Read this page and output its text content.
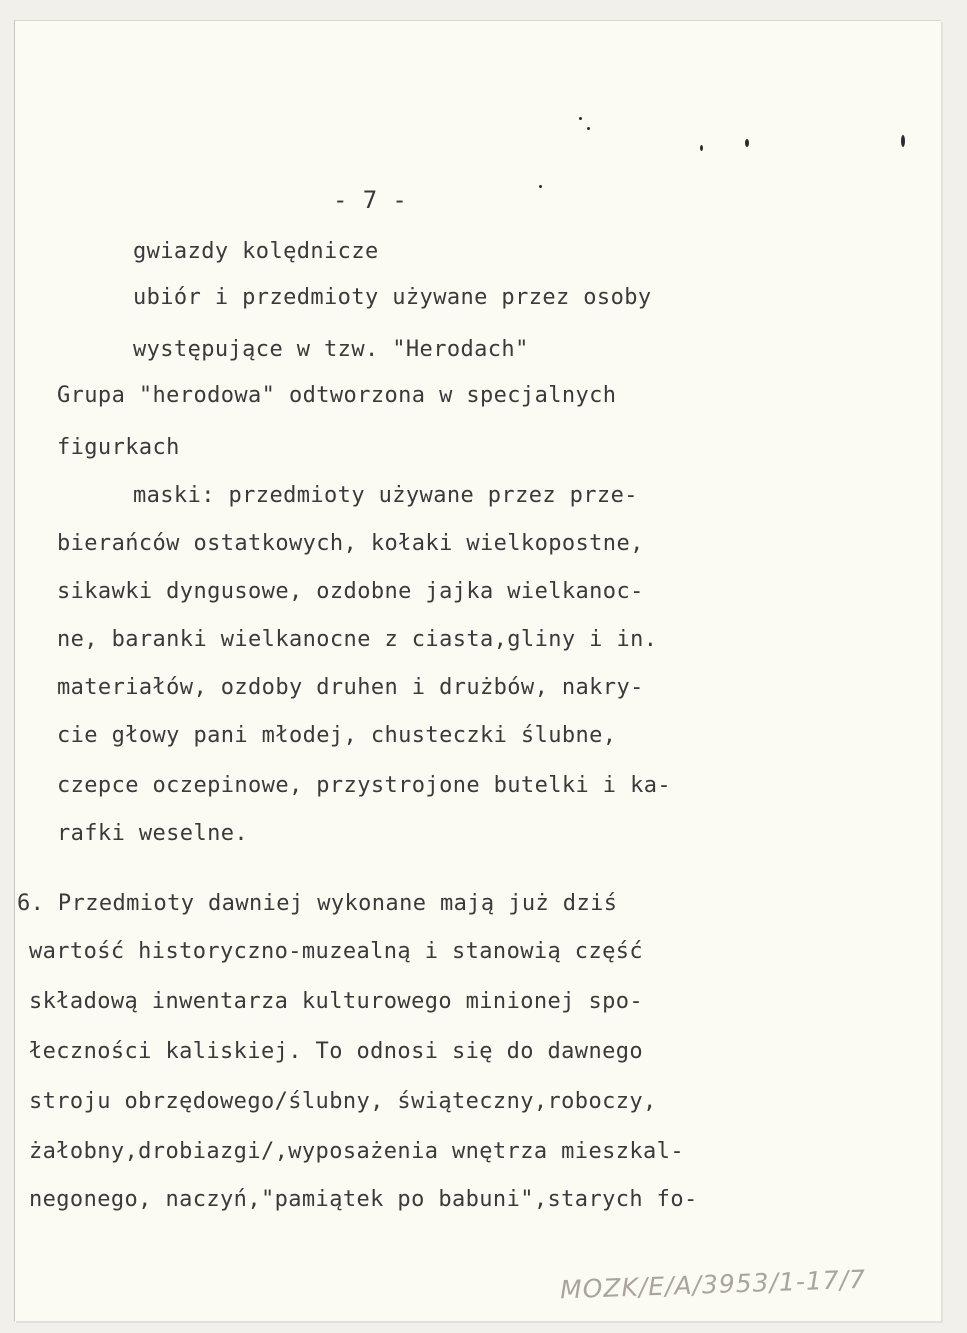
- 7 -
gwiazdy kolędnicze
ubiór i przedmioty używane przez osoby
występujące w tzw. "Herodach"
Grupa "herodowa" odtworzona w specjalnych
figurkach
maski: przedmioty używane przez prze-
bierańców ostatkowych, kołaki wielkopostne,
sikawki dyngusowe, ozdobne jajka wielkanoc-
ne, baranki wielkanocne z ciasta,gliny i in.
materiałów, ozdoby druhen i drużbów, nakry-
cie głowy pani młodej, chusteczki ślubne,
czepce oczepinowe, przystrojone butelki i ka-
rafki weselne.
6. Przedmioty dawniej wykonane mają już dziś
wartość historyczno-muzealną i stanowią część
składową inwentarza kulturowego minionej spo-
łeczności kaliskiej. To odnosi się do dawnego
stroju obrzędowego/ślubny, świąteczny,roboczy,
żałobny,drobiazgi/,wyposażenia wnętrza mieszkal-
negonego, naczyń,"pamiątek po babuni",starych fo-
MOZK/E/A/3953/1-17/7
